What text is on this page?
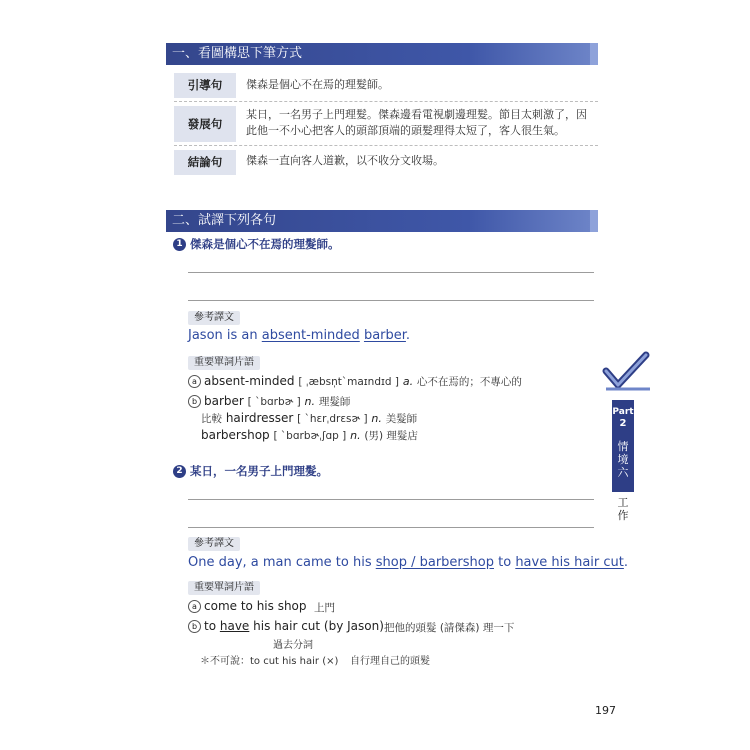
一、看圖構思下筆方式
引導句	傑森是個心不在焉的理髮師。
發展句
某日，一名男子上門理髮。傑森邊看電視劇邊理髮。節目太刺激了，因
此他一不小心把客人的頭部頂端的頭髮理得太短了，客人很生氣。
結論句	傑森一直向客人道歉，以不收分文收場。
二、試譯下列各句
1 傑森是個心不在焉的理髮師。
參考譯文
Jason is an absent-minded barber.
重要單詞片語
a absent-minded [ ˌæbsn̩tˋmaɪndɪd ] a. 心不在焉的；不專心的
b barber [ ˋbɑrbɚ ] n. 理髮師
比較 hairdresser [ ˋhɛrˌdrɛsɚ ] n. 美髮師
barbershop [ ˋbɑrbɚˌʃɑp ] n. (男) 理髮店
2 某日，一名男子上門理髮。
參考譯文
One day, a man came to his shop / barbershop to have his hair cut.
重要單詞片語
a come to his shop 上門
b to have his hair cut (by Jason) 把他的頭髮 (請傑森) 理一下
過去分詞
＊不可說：to cut his hair (×) 自行理自己的頭髮
Part
2
情境六
工作
197
